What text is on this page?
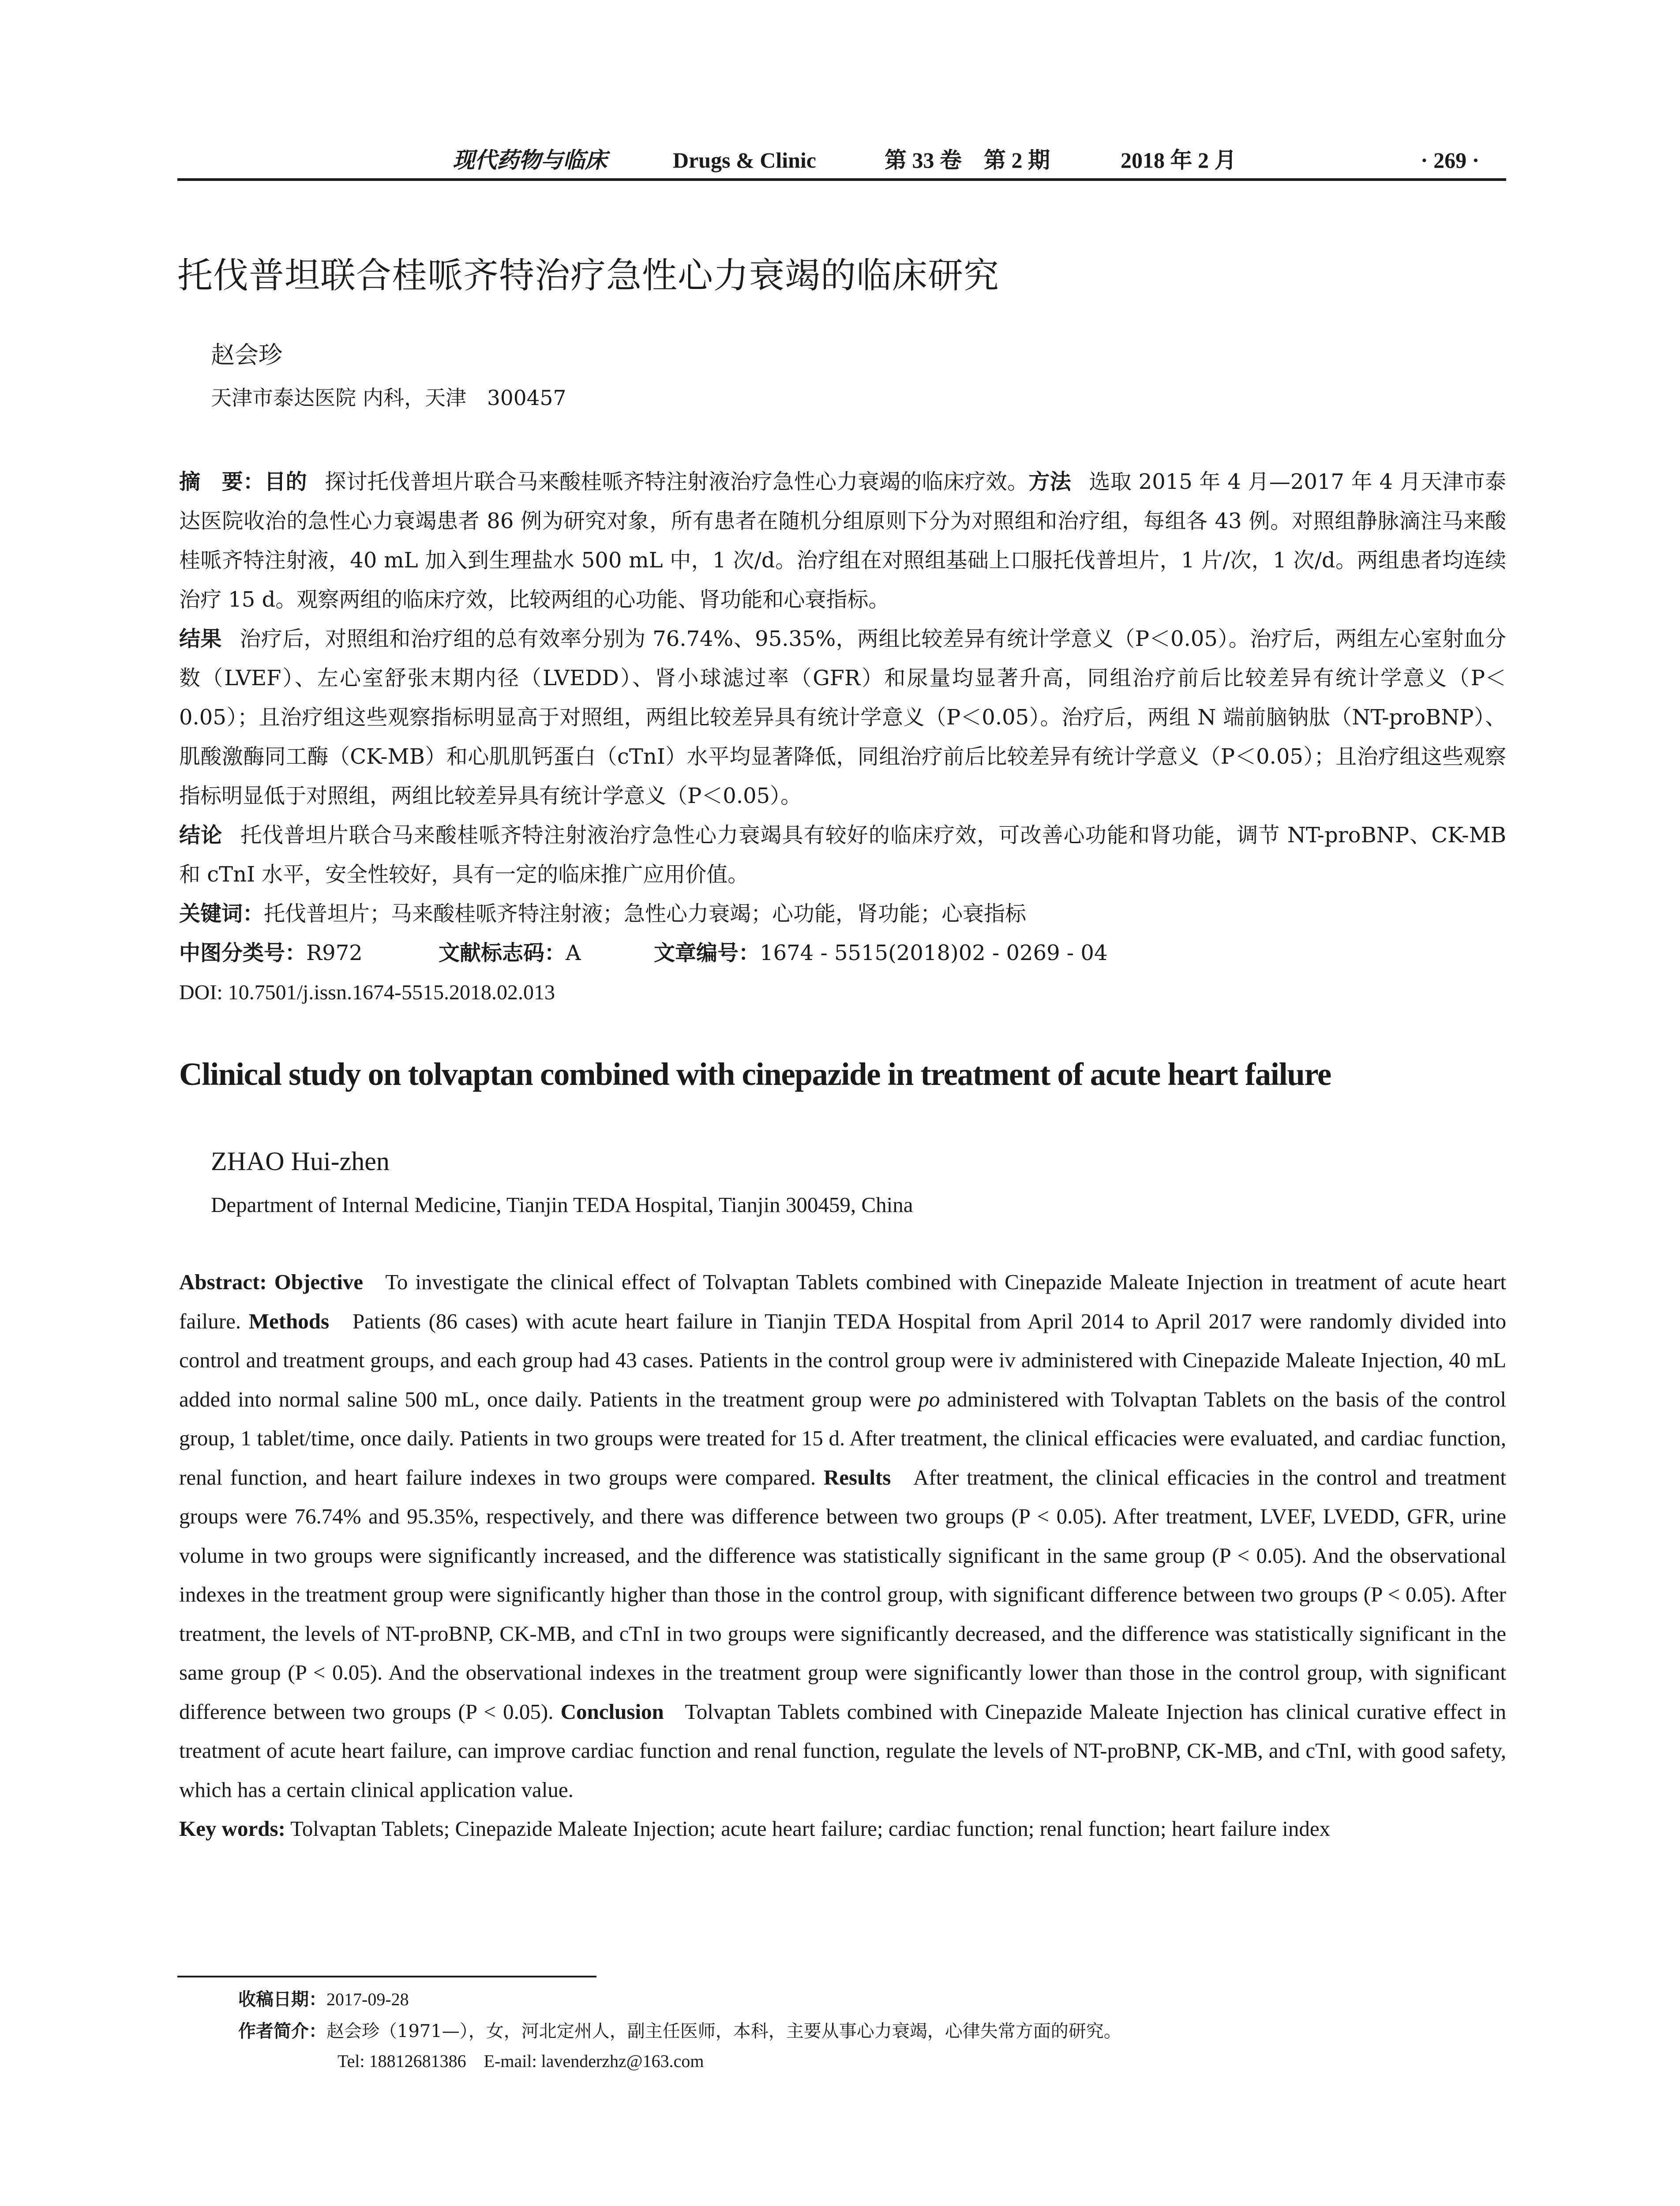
现代药物与临床	Drugs & Clinic	第 33 卷　第 2 期	2018 年 2 月	· 269 ·
托伐普坦联合桂哌齐特治疗急性心力衰竭的临床研究
赵会珍
天津市泰达医院 内科，天津　300457

摘　要：目的 探讨托伐普坦片联合马来酸桂哌齐特注射液治疗急性心力衰竭的临床疗效。方法 选取 2015 年 4 月—2017 年 4 月天津市泰达医院收治的急性心力衰竭患者 86 例为研究对象，所有患者在随机分组原则下分为对照组和治疗组，每组各 43 例。对照组静脉滴注马来酸桂哌齐特注射液，40 mL 加入到生理盐水 500 mL 中，1 次/d。治疗组在对照组基础上口服托伐普坦片，1 片/次，1 次/d。两组患者均连续治疗 15 d。观察两组的临床疗效，比较两组的心功能、肾功能和心衰指标。
结果 治疗后，对照组和治疗组的总有效率分别为 76.74%、95.35%，两组比较差异有统计学意义（P＜0.05）。治疗后，两组左心室射血分数（LVEF）、左心室舒张末期内径（LVEDD）、肾小球滤过率（GFR）和尿量均显著升高，同组治疗前后比较差异有统计学意义（P＜0.05）；且治疗组这些观察指标明显高于对照组，两组比较差异具有统计学意义（P＜0.05）。治疗后，两组 N 端前脑钠肽（NT-proBNP）、肌酸激酶同工酶（CK-MB）和心肌肌钙蛋白（cTnI）水平均显著降低，同组治疗前后比较差异有统计学意义（P＜0.05）；且治疗组这些观察指标明显低于对照组，两组比较差异具有统计学意义（P＜0.05）。
结论 托伐普坦片联合马来酸桂哌齐特注射液治疗急性心力衰竭具有较好的临床疗效，可改善心功能和肾功能，调节 NT-proBNP、CK-MB 和 cTnI 水平，安全性较好，具有一定的临床推广应用价值。

关键词：托伐普坦片；马来酸桂哌齐特注射液；急性心力衰竭；心功能，肾功能；心衰指标

中图分类号：R972	文献标志码：A	文章编号：1674 - 5515(2018)02 - 0269 - 04

DOI: 10.7501/j.issn.1674-5515.2018.02.013

Clinical study on tolvaptan combined with cinepazide in treatment of acute heart failure
ZHAO Hui-zhen
Department of Internal Medicine, Tianjin TEDA Hospital, Tianjin 300459, China

Abstract: Objective To investigate the clinical effect of Tolvaptan Tablets combined with Cinepazide Maleate Injection in treatment of acute heart failure. Methods Patients (86 cases) with acute heart failure in Tianjin TEDA Hospital from April 2014 to April 2017 were randomly divided into control and treatment groups, and each group had 43 cases. Patients in the control group were iv administered with Cinepazide Maleate Injection, 40 mL added into normal saline 500 mL, once daily. Patients in the treatment group were po administered with Tolvaptan Tablets on the basis of the control group, 1 tablet/time, once daily. Patients in two groups were treated for 15 d. After treatment, the clinical efficacies were evaluated, and cardiac function, renal function, and heart failure indexes in two groups were compared. Results After treatment, the clinical efficacies in the control and treatment groups were 76.74% and 95.35%, respectively, and there was difference between two groups (P < 0.05). After treatment, LVEF, LVEDD, GFR, urine volume in two groups were significantly increased, and the difference was statistically significant in the same group (P < 0.05). And the observational indexes in the treatment group were significantly higher than those in the control group, with significant difference between two groups (P < 0.05). After treatment, the levels of NT-proBNP, CK-MB, and cTnI in two groups were significantly decreased, and the difference was statistically significant in the same group (P < 0.05). And the observational indexes in the treatment group were significantly lower than those in the control group, with significant difference between two groups (P < 0.05). Conclusion Tolvaptan Tablets combined with Cinepazide Maleate Injection has clinical curative effect in treatment of acute heart failure, can improve cardiac function and renal function, regulate the levels of NT-proBNP, CK-MB, and cTnI, with good safety, which has a certain clinical application value.

Key words: Tolvaptan Tablets; Cinepazide Maleate Injection; acute heart failure; cardiac function; renal function; heart failure index

收稿日期：2017-09-28
作者简介：赵会珍（1971—），女，河北定州人，副主任医师，本科，主要从事心力衰竭，心律失常方面的研究。
Tel: 18812681386　E-mail: lavenderzhz@163.com
